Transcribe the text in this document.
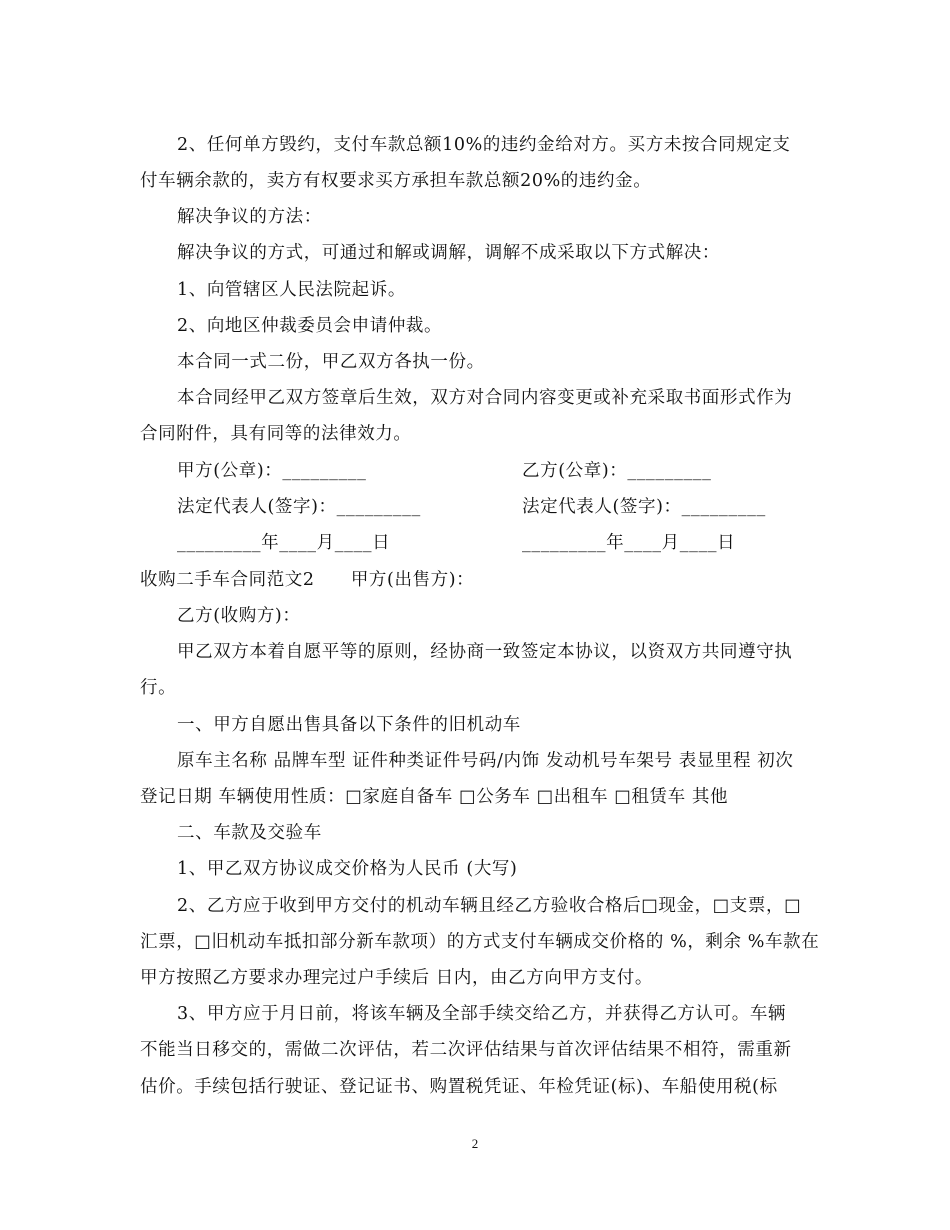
2、任何单方毁约，支付车款总额10%的违约金给对方。买方未按合同规定支
付车辆余款的，卖方有权要求买方承担车款总额20%的违约金。
解决争议的方法：
解决争议的方式，可通过和解或调解，调解不成采取以下方式解决：
1、向管辖区人民法院起诉。
2、向地区仲裁委员会申请仲裁。
本合同一式二份，甲乙双方各执一份。
本合同经甲乙双方签章后生效，双方对合同内容变更或补充采取书面形式作为
合同附件，具有同等的法律效力。
甲方(公章)：_________	乙方(公章)：_________
法定代表人(签字)：_________	法定代表人(签字)：_________
_________年____月____日	_________年____月____日
收购二手车合同范文2　　甲方(出售方)：
乙方(收购方)：
甲乙双方本着自愿平等的原则，经协商一致签定本协议，以资双方共同遵守执
行。
一、甲方自愿出售具备以下条件的旧机动车
原车主名称 品牌车型 证件种类证件号码/内饰 发动机号车架号 表显里程 初次
登记日期 车辆使用性质：□家庭自备车 □公务车 □出租车 □租赁车 其他
二、车款及交验车
1、甲乙双方协议成交价格为人民币 (大写)
2、乙方应于收到甲方交付的机动车辆且经乙方验收合格后□现金，□支票，□
汇票，□旧机动车抵扣部分新车款项）的方式支付车辆成交价格的 %，剩余 %车款在
甲方按照乙方要求办理完过户手续后 日内，由乙方向甲方支付。
3、甲方应于月日前，将该车辆及全部手续交给乙方，并获得乙方认可。车辆
不能当日移交的，需做二次评估，若二次评估结果与首次评估结果不相符，需重新
估价。手续包括行驶证、登记证书、购置税凭证、年检凭证(标)、车船使用税(标
2
